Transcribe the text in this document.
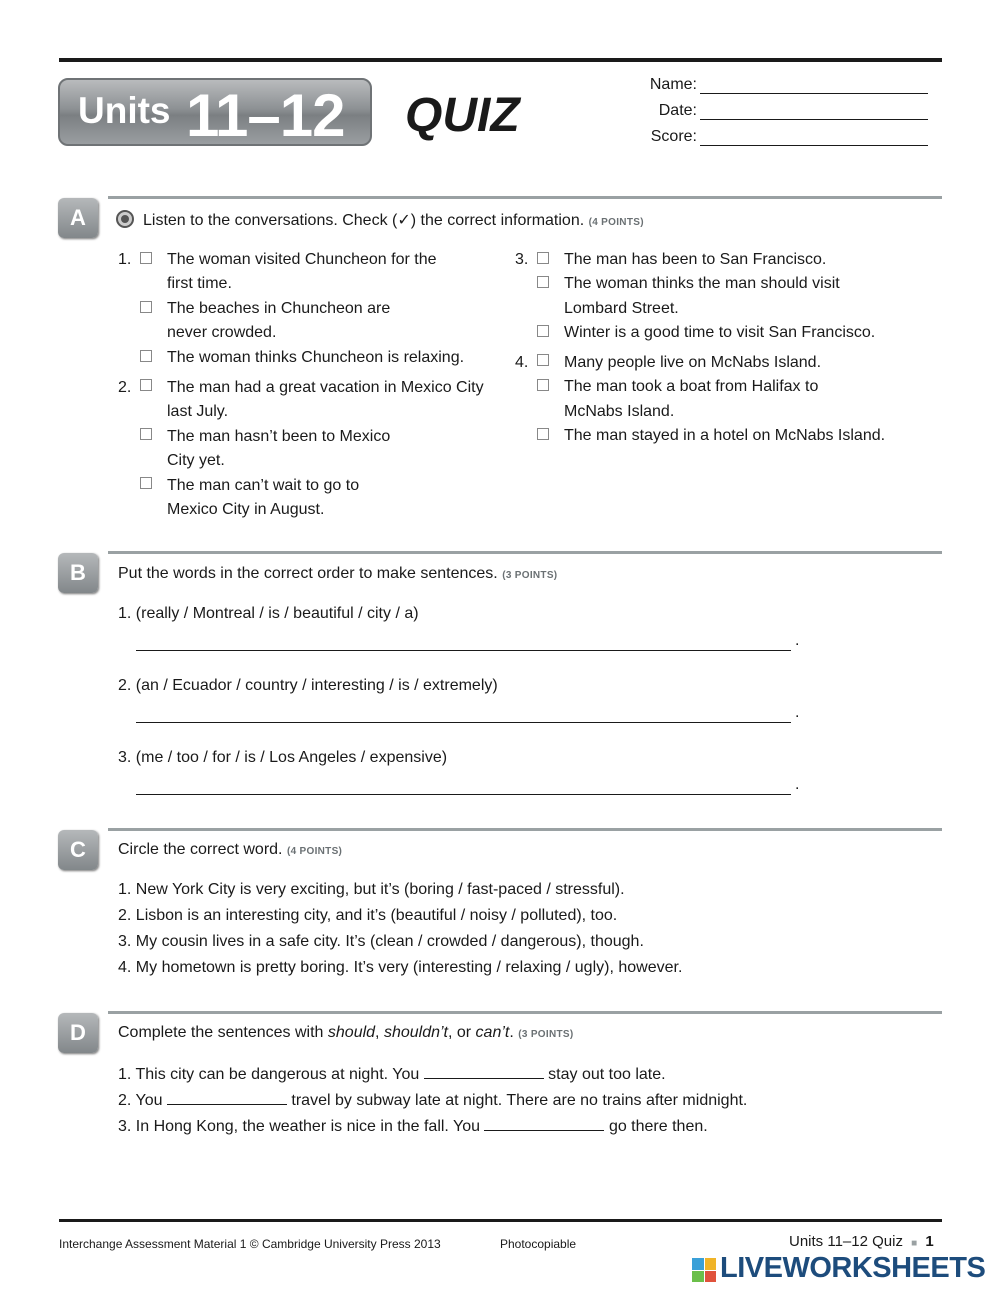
Units 11–12 QUIZ
Name:
Date:
Score:
A	Listen to the conversations. Check (✓) the correct information. (4 POINTS)
1. The woman visited Chuncheon for the
first time.
The beaches in Chuncheon are
never crowded.
The woman thinks Chuncheon is relaxing.
2. The man had a great vacation in Mexico City
last July.
The man hasn’t been to Mexico
City yet.
The man can’t wait to go to
Mexico City in August.
3. The man has been to San Francisco.
The woman thinks the man should visit
Lombard Street.
Winter is a good time to visit San Francisco.
4. Many people live on McNabs Island.
The man took a boat from Halifax to
McNabs Island.
The man stayed in a hotel on McNabs Island.
B	Put the words in the correct order to make sentences. (3 POINTS)
1. (really / Montreal / is / beautiful / city / a)
.
2. (an / Ecuador / country / interesting / is / extremely)
.
3. (me / too / for / is / Los Angeles / expensive)
.
C	Circle the correct word. (4 POINTS)
1. New York City is very exciting, but it’s (boring / fast-paced / stressful).
2. Lisbon is an interesting city, and it’s (beautiful / noisy / polluted), too.
3. My cousin lives in a safe city. It’s (clean / crowded / dangerous), though.
4. My hometown is pretty boring. It’s very (interesting / relaxing / ugly), however.
D	Complete the sentences with should, shouldn’t, or can’t. (3 POINTS)
1. This city can be dangerous at night. You	stay out too late.
2. You	travel by subway late at night. There are no trains after midnight.
3. In Hong Kong, the weather is nice in the fall. You	go there then.
Interchange Assessment Material 1 © Cambridge University Press 2013	Photocopiable	Units 11–12 Quiz ■ 1
LIVEWORKSHEETS
